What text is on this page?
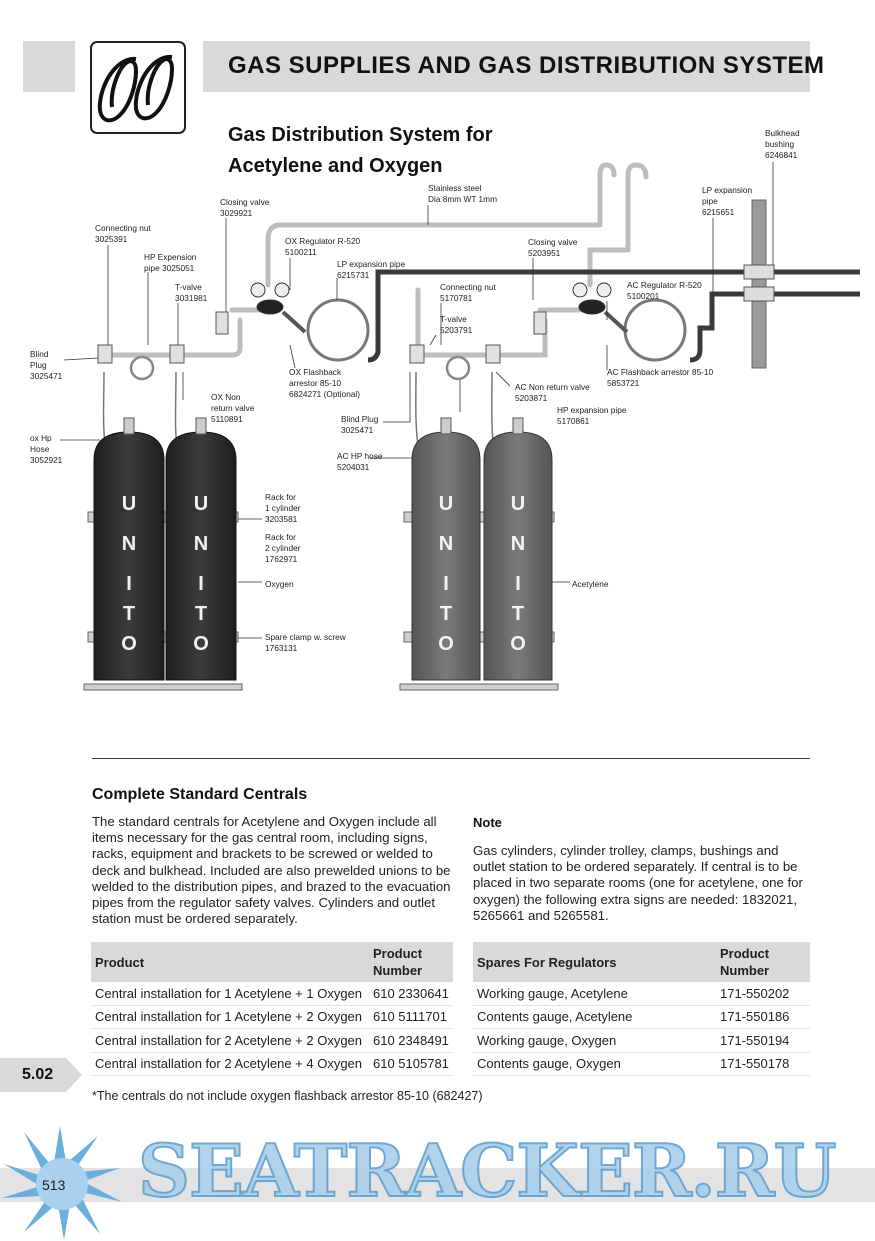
GAS SUPPLIES AND GAS DISTRIBUTION SYSTEM
Gas Distribution System for
Acetylene and Oxygen
U
N
I
T
O
U
N
I
T
O
U
N
I
T
O
U
N
I
T
O
Bulkhead
bushing
6246841
Stainless steel
Dia 8mm WT 1mm
Closing valve
3029921
Connecting nut
3025391
LP expansion
pipe
6215651
OX Regulator R-520
5100211
LP expansion pipe
6215731
Closing valve
5203951
HP Expension
pipe 3025051
T-valve
3031981
Connecting nut
5170781
AC Regulator R-520
5100201
T-valve
5203791
Blind
Plug
3025471	OX Flashback
arrestor 85-10
6824271 (Optional)
AC Flashback arrestor 85-10
5853721
AC Non return valve
5203871
OX Non
return valve
5110891
HP expansion pipe
5170861
Blind Plug
3025471
ox Hp
Hose
3052921	AC HP hose
5204031
Rack for
1 cylinder
3203581
Rack for
2 cylinder
1762971
Oxygen	Acetylene
Spare clamp w. screw
1763131
Complete Standard Centrals
The standard centrals for Acetylene and Oxygen include all items necessary for the gas central room, including signs, racks, equipment and brackets to be screwed or welded to deck and bulkhead. Included are also prewelded unions to be welded to the distribution pipes, and brazed to the evacuation pipes from the regulator safety valves. Cylinders and outlet station must be ordered separately.
Note
Gas cylinders, cylinder trolley, clamps, bushings and outlet station to be ordered separately. If central is to be placed in two separate rooms (one for acetylene, one for oxygen) the following extra signs are needed: 1832021, 5265661 and 5265581.
Product	Product
Number
Central installation for 1 Acetylene + 1 Oxygen	610 2330641
Central installation for 1 Acetylene + 2 Oxygen	610 5111701
Central installation for 2 Acetylene + 2 Oxygen	610 2348491
Central installation for 2 Acetylene + 4 Oxygen	610 5105781
Spares For Regulators	Product
Number
Working gauge, Acetylene	171-550202
Contents gauge, Acetylene	171-550186
Working gauge, Oxygen	171-550194
Contents gauge, Oxygen	171-550178
*The centrals do not include oxygen flashback arrestor 85-10 (682427)
5.02
513 SEATRACKER.RU
